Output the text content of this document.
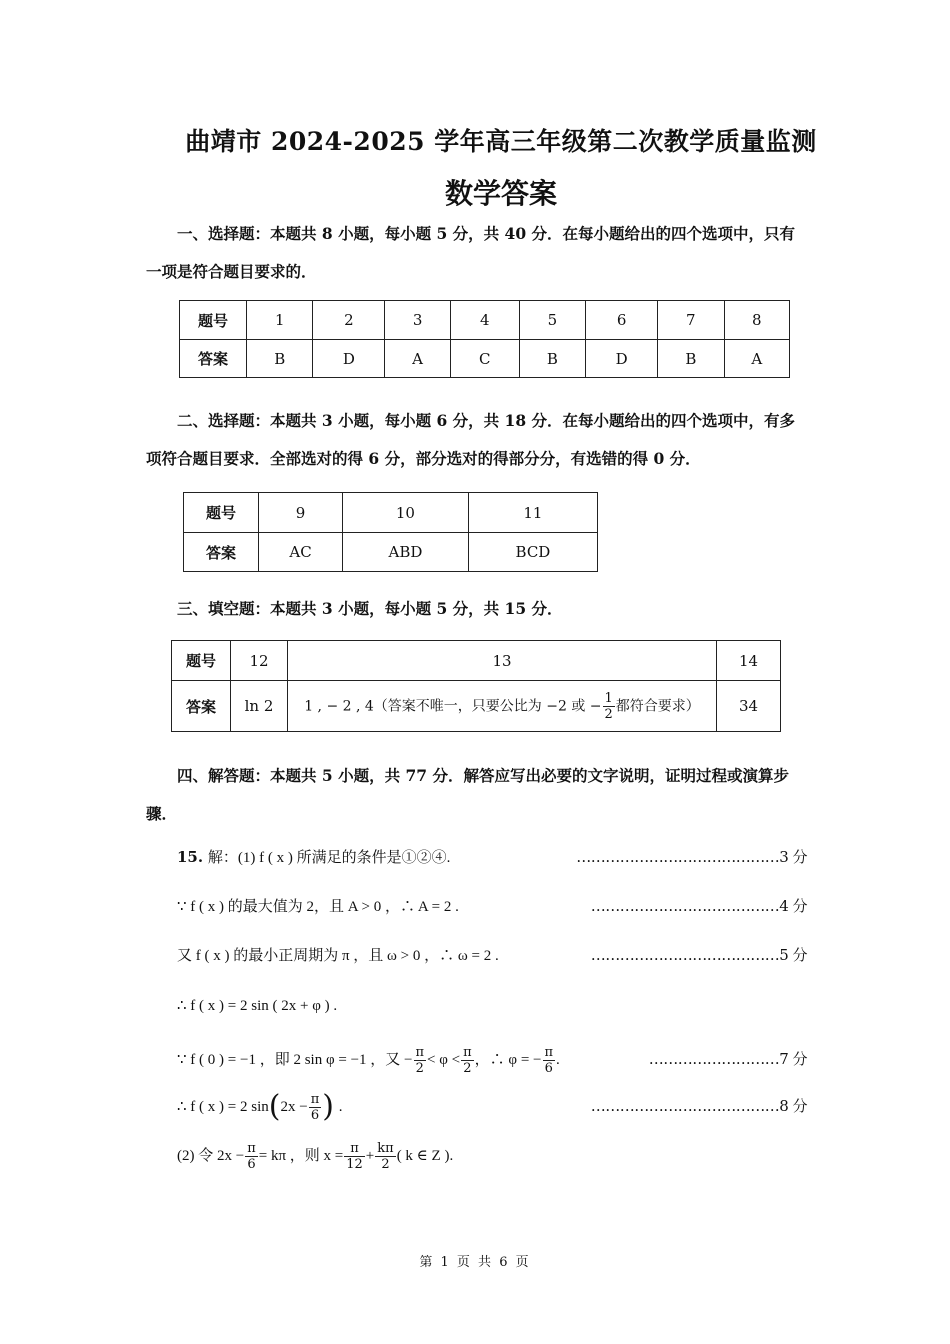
曲靖市 2024-2025 学年高三年级第二次教学质量监测
数学答案
一、选择题：本题共 8 小题，每小题 5 分，共 40 分．在每小题给出的四个选项中，只有一项是符合题目要求的．
题号	1	2	3	4	5	6	7	8
答案	B	D	A	C	B	D	B	A
二、选择题：本题共 3 小题，每小题 6 分，共 18 分．在每小题给出的四个选项中，有多项符合题目要求．全部选对的得 6 分，部分选对的得部分分，有选错的得 0 分．
题号	9	10	11
答案	AC	ABD	BCD
三、填空题：本题共 3 小题，每小题 5 分，共 15 分．
题号	12	13	14
答案	ln 2	1 , − 2 , 4（答案不唯一，只要公比为 −2 或 − $\frac{1}{2}$ 都符合要求）	34
四、解答题：本题共 5 小题，共 77 分．解答应写出必要的文字说明，证明过程或演算步骤．
15. 解：(1) f ( x ) 所满足的条件是①②④.	……………………………………3 分
∵ f ( x ) 的最大值为 2，且 A > 0 ，∴ A = 2 .	…………………………………4 分
又 f ( x ) 的最小正周期为 π ，且 ω > 0 ，∴ ω = 2 .	…………………………………5 分
∴ f ( x ) = 2 sin ( 2x + φ ) .
∵ f ( 0 ) = −1 ，即 2 sin φ = −1 ，又 − $\frac{\pi}{2} < \varphi < \frac{\pi}{2}$ ，∴ φ = − $\frac{\pi}{6}$ .	………………………7 分
∴ f ( x ) = 2 $\sin(2x - \frac{\pi}{6}$ ) .	…………………………………8 分
(2) 令 $2x - \frac{\pi}{6} = k\pi$ ，则 $x = \frac{\pi}{12} + \frac{k\pi}{2}$ ( k ∈ Z ).
第 1 页 共 6 页
